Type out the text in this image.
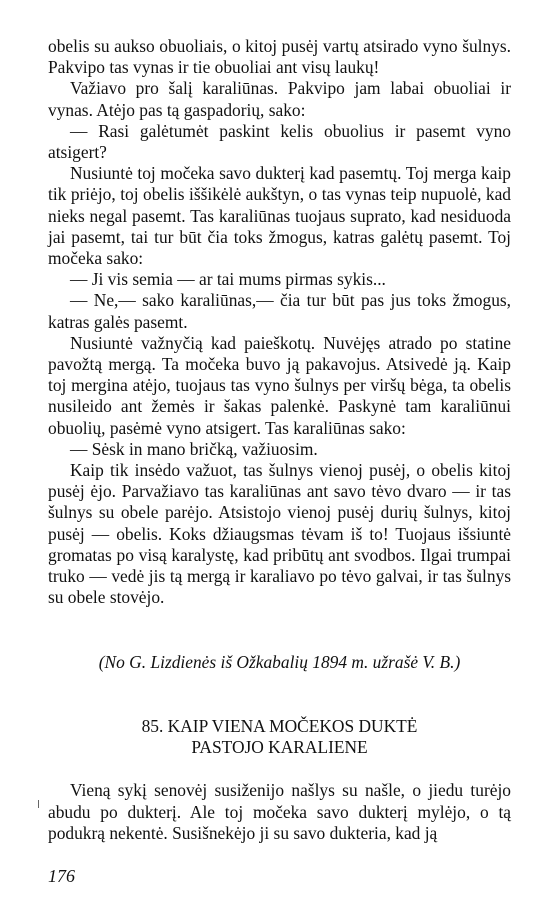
obelis su aukso obuoliais, o kitoj pusėj vartų atsirado vyno šulnys. Pakvipo tas vynas ir tie obuoliai ant visų laukų!

Važiavo pro šalį karaliūnas. Pakvipo jam labai obuoliai ir vynas. Atėjo pas tą gaspadorių, sako:

— Rasi galėtumėt paskint kelis obuolius ir pasemt vyno atsigert?

Nusiuntė toj močeka savo dukterį kad pasemtų. Toj merga kaip tik priėjo, toj obelis iššikėlė aukštyn, o tas vynas teip nupuolė, kad nieks negal pasemt. Tas karaliūnas tuojaus suprato, kad nesiduoda jai pasemt, tai tur būt čia toks žmogus, katras galėtų pasemt. Toj močeka sako:

— Ji vis semia — ar tai mums pirmas sykis...

— Ne,— sako karaliūnas,— čia tur būt pas jus toks žmogus, katras galės pasemt.

Nusiuntė važnyčią kad paieškotų. Nuvėjęs atrado po statine pavožtą mergą. Ta močeka buvo ją pakavojus. Atsivedė ją. Kaip toj mergina atėjo, tuojaus tas vyno šulnys per viršų bėga, ta obelis nusileido ant žemės ir šakas palenkė. Paskynė tam karaliūnui obuolių, pasėmė vyno atsigert. Tas karaliūnas sako:

— Sėsk in mano bričką, važiuosim.

Kaip tik insėdo važuot, tas šulnys vienoj pusėj, o obelis kitoj pusėj ėjo. Parvažiavo tas karaliūnas ant savo tėvo dvaro — ir tas šulnys su obele parėjo. Atsistojo vienoj pusėj durių šulnys, kitoj pusėj — obelis. Koks džiaugsmas tėvam iš to! Tuojaus išsiuntė gromatas po visą karalystę, kad pribūtų ant svodbos. Ilgai trumpai truko — vedė jis tą mergą ir karaliavo po tėvo galvai, ir tas šulnys su obele stovėjo.

(No G. Lizdienės iš Ožkabalių 1894 m. užrašė V. B.)
85. KAIP VIENA MOČEKOS DUKTĖ
PASTOJO KARALIENE

Vieną sykį senovėj susiženijo našlys su našle, o jiedu turėjo abudu po dukterį. Ale toj močeka savo dukterį mylėjo, o tą podukrą nekentė. Susišnekėjo ji su savo dukteria, kad ją

176
